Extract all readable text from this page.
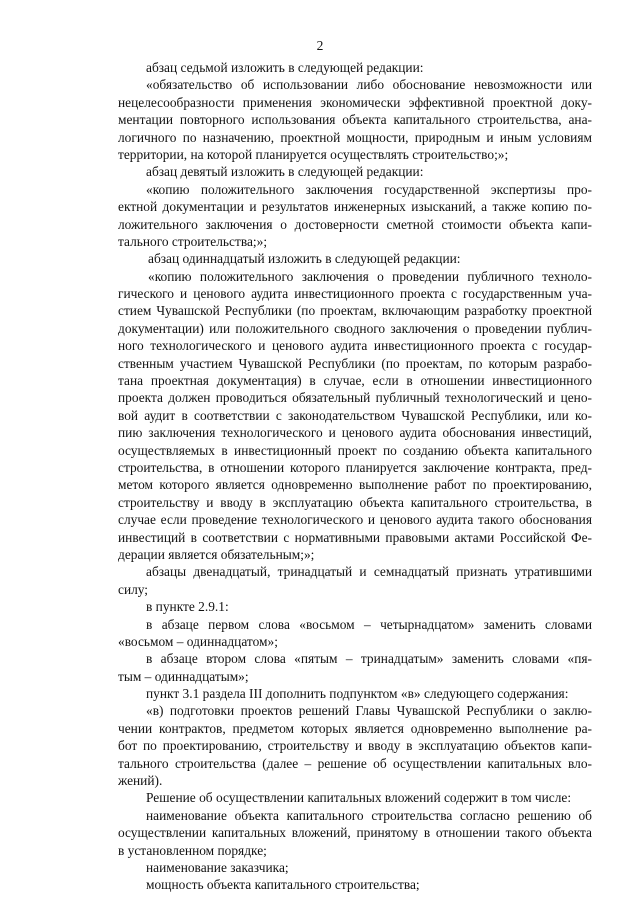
2
абзац седьмой изложить в следующей редакции:
«обязательство об использовании либо обоснование невозможности или
нецелесообразности применения экономически эффективной проектной доку-
ментации повторного использования объекта капитального строительства, ана-
логичного по назначению, проектной мощности, природным и иным условиям
территории, на которой планируется осуществлять строительство;»;
абзац девятый изложить в следующей редакции:
«копию положительного заключения государственной экспертизы про-
ектной документации и результатов инженерных изысканий, а также копию по-
ложительного заключения о достоверности сметной стоимости объекта капи-
тального строительства;»;
абзац одиннадцатый изложить в следующей редакции:
«копию положительного заключения о проведении публичного техноло-
гического и ценового аудита инвестиционного проекта с государственным уча-
стием Чувашской Республики (по проектам, включающим разработку проектной
документации) или положительного сводного заключения о проведении публич-
ного технологического и ценового аудита инвестиционного проекта с государ-
ственным участием Чувашской Республики (по проектам, по которым разрабо-
тана проектная документация) в случае, если в отношении инвестиционного
проекта должен проводиться обязательный публичный технологический и цено-
вой аудит в соответствии с законодательством Чувашской Республики, или ко-
пию заключения технологического и ценового аудита обоснования инвестиций,
осуществляемых в инвестиционный проект по созданию объекта капитального
строительства, в отношении которого планируется заключение контракта, пред-
метом которого является одновременно выполнение работ по проектированию,
строительству и вводу в эксплуатацию объекта капитального строительства, в
случае если проведение технологического и ценового аудита такого обоснования
инвестиций в соответствии с нормативными правовыми актами Российской Фе-
дерации является обязательным;»;
абзацы двенадцатый, тринадцатый и семнадцатый признать утратившими
силу;
в пункте 2.9.1:
в абзаце первом слова «восьмом – четырнадцатом» заменить словами
«восьмом – одиннадцатом»;
в абзаце втором слова «пятым – тринадцатым» заменить словами «пя-
тым – одиннадцатым»;
пункт 3.1 раздела III дополнить подпунктом «в» следующего содержания:
«в) подготовки проектов решений Главы Чувашской Республики о заклю-
чении контрактов, предметом которых является одновременно выполнение ра-
бот по проектированию, строительству и вводу в эксплуатацию объектов капи-
тального строительства (далее – решение об осуществлении капитальных вло-
жений).
Решение об осуществлении капитальных вложений содержит в том числе:
наименование объекта капитального строительства согласно решению об
осуществлении капитальных вложений, принятому в отношении такого объекта
в установленном порядке;
наименование заказчика;
мощность объекта капитального строительства;
